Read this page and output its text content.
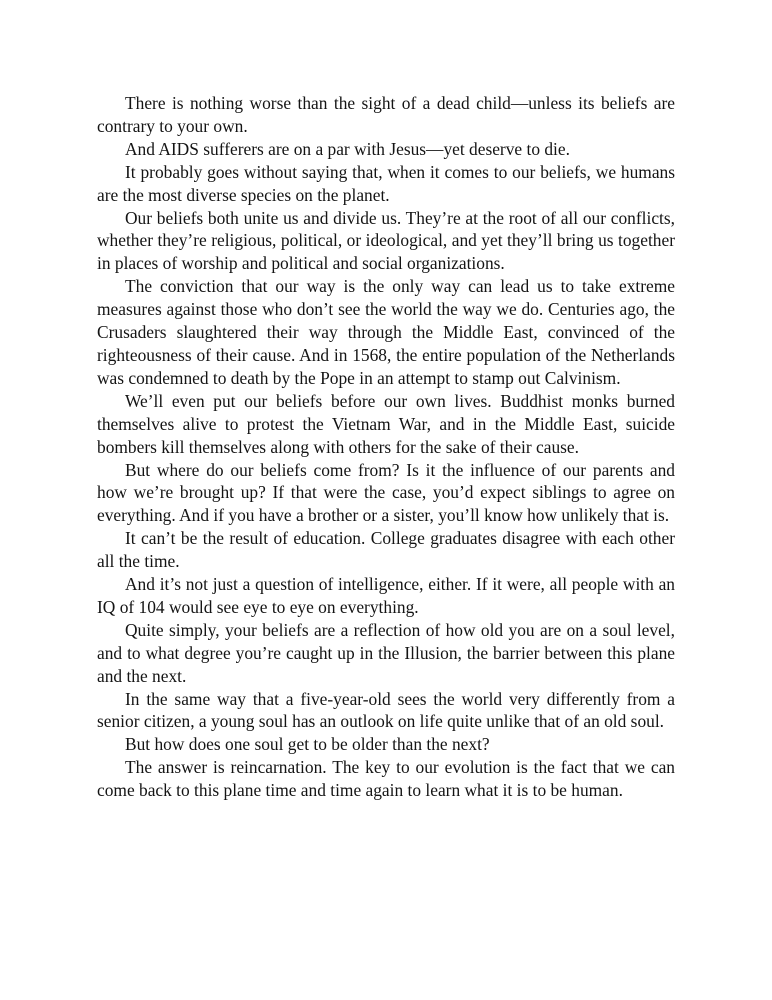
There is nothing worse than the sight of a dead child—unless its beliefs are contrary to your own.

And AIDS sufferers are on a par with Jesus—yet deserve to die.

It probably goes without saying that, when it comes to our beliefs, we humans are the most diverse species on the planet.

Our beliefs both unite us and divide us. They’re at the root of all our conflicts, whether they’re religious, political, or ideological, and yet they’ll bring us together in places of worship and political and social organizations.

The conviction that our way is the only way can lead us to take extreme measures against those who don’t see the world the way we do. Centuries ago, the Crusaders slaughtered their way through the Middle East, convinced of the righteousness of their cause. And in 1568, the entire population of the Netherlands was condemned to death by the Pope in an attempt to stamp out Calvinism.

We’ll even put our beliefs before our own lives. Buddhist monks burned themselves alive to protest the Vietnam War, and in the Middle East, suicide bombers kill themselves along with others for the sake of their cause.

But where do our beliefs come from? Is it the influence of our parents and how we’re brought up? If that were the case, you’d expect siblings to agree on everything. And if you have a brother or a sister, you’ll know how unlikely that is.

It can’t be the result of education. College graduates disagree with each other all the time.

And it’s not just a question of intelligence, either. If it were, all people with an IQ of 104 would see eye to eye on everything.

Quite simply, your beliefs are a reflection of how old you are on a soul level, and to what degree you’re caught up in the Illusion, the barrier between this plane and the next.

In the same way that a five-year-old sees the world very differently from a senior citizen, a young soul has an outlook on life quite unlike that of an old soul.

But how does one soul get to be older than the next?

The answer is reincarnation. The key to our evolution is the fact that we can come back to this plane time and time again to learn what it is to be human.
